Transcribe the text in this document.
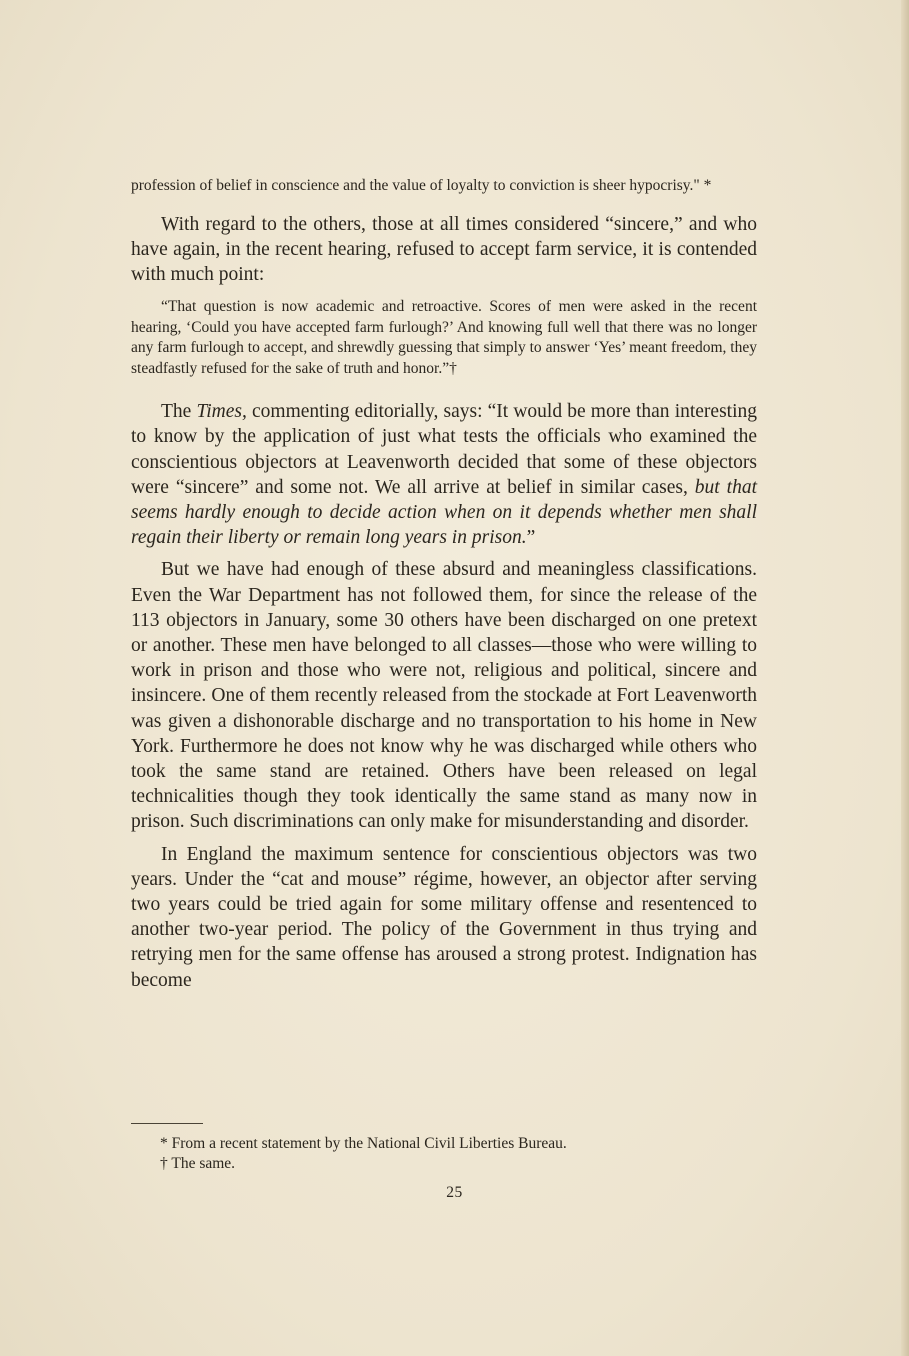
profession of belief in conscience and the value of loyalty to conviction is sheer hypocrisy." *

With regard to the others, those at all times considered “sincere,” and who have again, in the recent hearing, refused to accept farm service, it is contended with much point:

“That question is now academic and retroactive. Scores of men were asked in the recent hearing, ‘Could you have accepted farm furlough?’ And knowing full well that there was no longer any farm furlough to accept, and shrewdly guessing that simply to answer ‘Yes’ meant freedom, they steadfastly refused for the sake of truth and honor.”†

The Times, commenting editorially, says: “It would be more than interesting to know by the application of just what tests the officials who examined the conscientious objectors at Leavenworth decided that some of these objectors were “sincere” and some not. We all arrive at belief in similar cases, but that seems hardly enough to decide action when on it depends whether men shall regain their liberty or remain long years in prison.”

But we have had enough of these absurd and meaningless classifications. Even the War Department has not followed them, for since the release of the 113 objectors in January, some 30 others have been discharged on one pretext or another. These men have belonged to all classes—those who were willing to work in prison and those who were not, religious and political, sincere and insincere. One of them recently released from the stockade at Fort Leavenworth was given a dishonorable discharge and no transportation to his home in New York. Furthermore he does not know why he was discharged while others who took the same stand are retained. Others have been released on legal technicalities though they took identically the same stand as many now in prison. Such discriminations can only make for misunderstanding and disorder.

In England the maximum sentence for conscientious objectors was two years. Under the “cat and mouse” régime, however, an objector after serving two years could be tried again for some military offense and resentenced to another two-year period. The policy of the Government in thus trying and retrying men for the same offense has aroused a strong protest. Indignation has become

* From a recent statement by the National Civil Liberties Bureau.
† The same.
25
